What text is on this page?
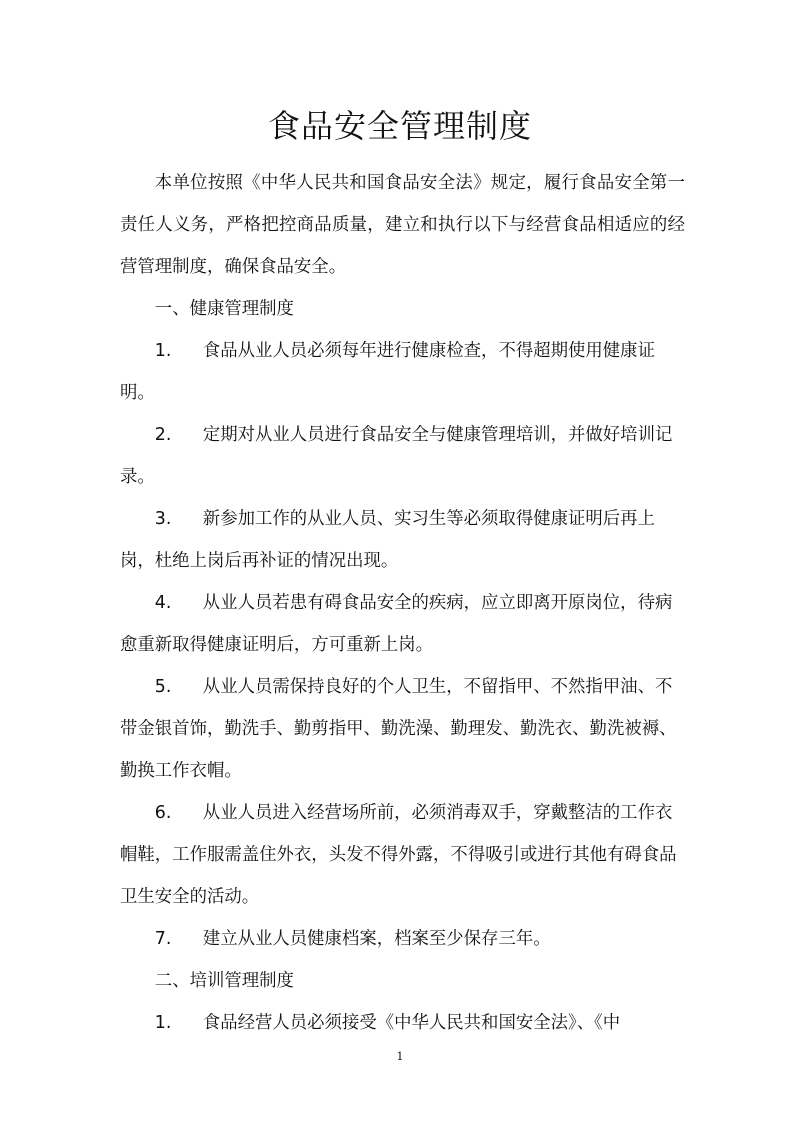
食品安全管理制度

本单位按照《中华人民共和国食品安全法》规定，履行食品安全第一责任人义务，严格把控商品质量，建立和执行以下与经营食品相适应的经营管理制度，确保食品安全。

一、健康管理制度

1. 食品从业人员必须每年进行健康检查，不得超期使用健康证明。

2. 定期对从业人员进行食品安全与健康管理培训，并做好培训记录。

3. 新参加工作的从业人员、实习生等必须取得健康证明后再上岗，杜绝上岗后再补证的情况出现。

4. 从业人员若患有碍食品安全的疾病，应立即离开原岗位，待病愈重新取得健康证明后，方可重新上岗。

5. 从业人员需保持良好的个人卫生，不留指甲、不然指甲油、不带金银首饰，勤洗手、勤剪指甲、勤洗澡、勤理发、勤洗衣、勤洗被褥、勤换工作衣帽。

6. 从业人员进入经营场所前，必须消毒双手，穿戴整洁的工作衣帽鞋，工作服需盖住外衣，头发不得外露，不得吸引或进行其他有碍食品卫生安全的活动。

7. 建立从业人员健康档案，档案至少保存三年。

二、培训管理制度

1. 食品经营人员必须接受《中华人民共和国安全法》、《中

1
